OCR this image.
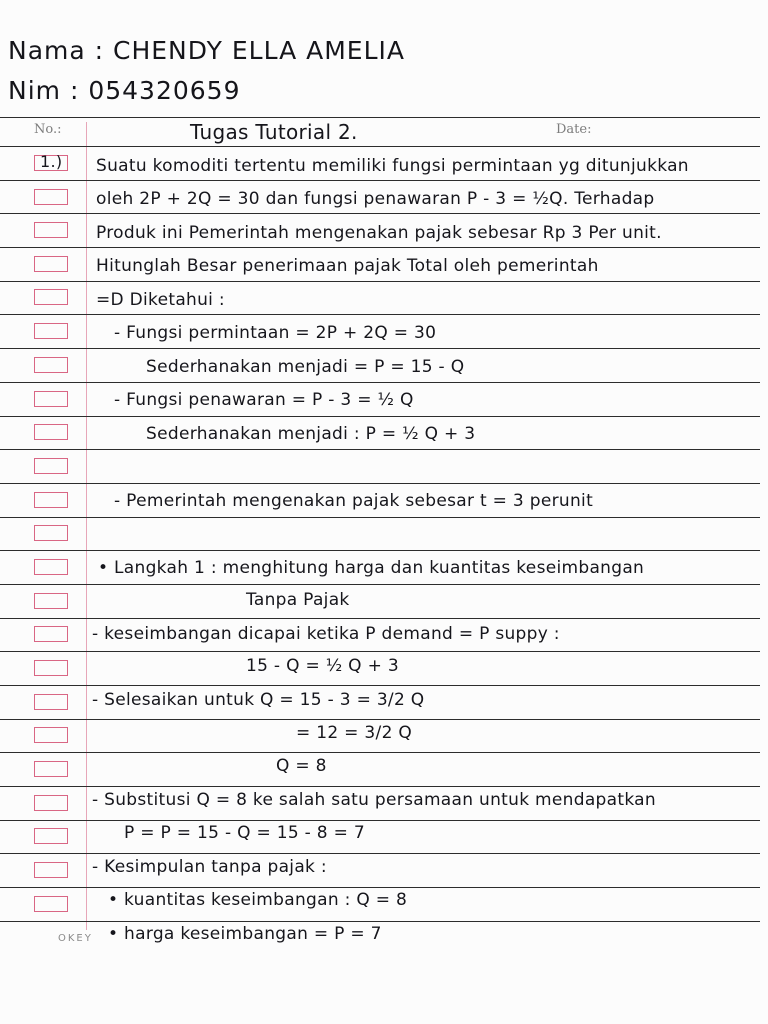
Nama : CHENDY ELLA AMELIA
Nim : 054320659
No.:	Date:
Tugas Tutorial 2.
1.) Suatu komoditi tertentu memiliki fungsi permintaan yg ditunjukkan
oleh 2P + 2Q = 30 dan fungsi penawaran P - 3 = ½Q. Terhadap
Produk ini Pemerintah mengenakan pajak sebesar Rp 3 Per unit.
Hitunglah Besar penerimaan pajak Total oleh pemerintah
=D Diketahui :
- Fungsi permintaan = 2P + 2Q = 30
Sederhanakan menjadi = P = 15 - Q
- Fungsi penawaran = P - 3 = ½ Q
Sederhanakan menjadi : P = ½ Q + 3
- Pemerintah mengenakan pajak sebesar t = 3 perunit
• Langkah 1 : menghitung harga dan kuantitas keseimbangan
Tanpa Pajak
- keseimbangan dicapai ketika P demand = P suppy :
15 - Q = ½ Q + 3
- Selesaikan untuk Q = 15 - 3 = 3/2 Q
= 12 = 3/2 Q
Q = 8
- Substitusi Q = 8 ke salah satu persamaan untuk mendapatkan
P = P = 15 - Q = 15 - 8 = 7
- Kesimpulan tanpa pajak :
• kuantitas keseimbangan : Q = 8
• harga keseimbangan = P = 7
OKEY
